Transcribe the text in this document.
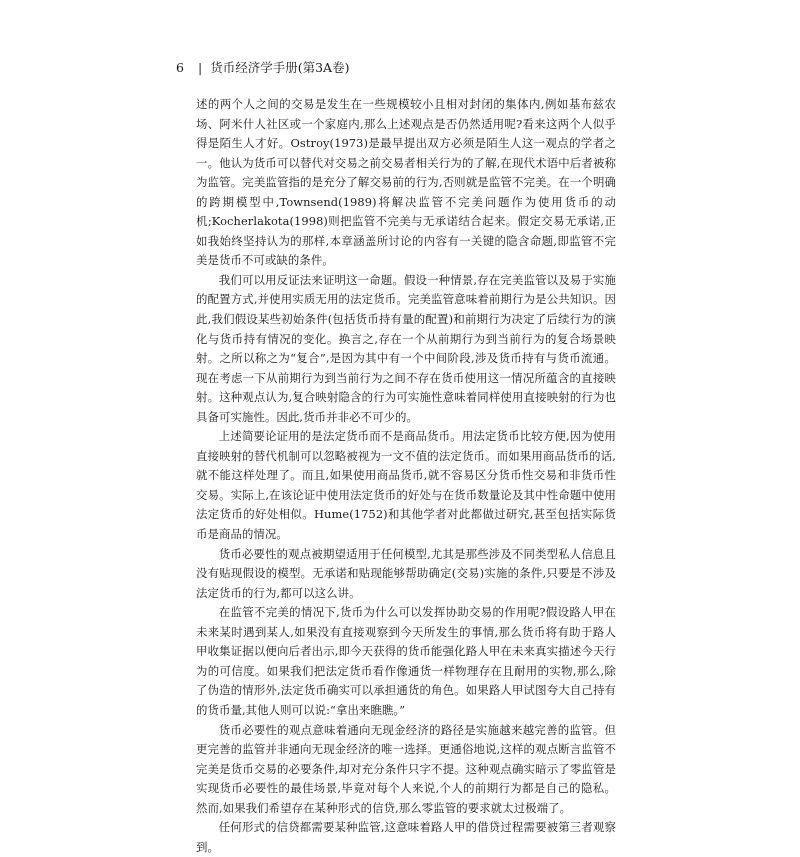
6 | 货币经济学手册(第3A卷)

述的两个人之间的交易是发生在一些规模较小且相对封闭的集体内,例如基布兹农场、阿米什人社区或一个家庭内,那么上述观点是否仍然适用呢?看来这两个人似乎得是陌生人才好。Ostroy(1973)是最早提出双方必须是陌生人这一观点的学者之一。他认为货币可以替代对交易之前交易者相关行为的了解,在现代术语中后者被称为监管。完美监管指的是充分了解交易前的行为,否则就是监管不完美。在一个明确的跨期模型中,Townsend(1989)将解决监管不完美问题作为使用货币的动机;Kocherlakota(1998)则把监管不完美与无承诺结合起来。假定交易无承诺,正如我始终坚持认为的那样,本章涵盖所讨论的内容有一关键的隐含命题,即监管不完美是货币不可或缺的条件。

我们可以用反证法来证明这一命题。假设一种情景,存在完美监管以及易于实施的配置方式,并使用实质无用的法定货币。完美监管意味着前期行为是公共知识。因此,我们假设某些初始条件(包括货币持有量的配置)和前期行为决定了后续行为的演化与货币持有情况的变化。换言之,存在一个从前期行为到当前行为的复合场景映射。之所以称之为“复合”,是因为其中有一个中间阶段,涉及货币持有与货币流通。现在考虑一下从前期行为到当前行为之间不存在货币使用这一情况所蕴含的直接映射。这种观点认为,复合映射隐含的行为可实施性意味着同样使用直接映射的行为也具备可实施性。因此,货币并非必不可少的。

上述简要论证用的是法定货币而不是商品货币。用法定货币比较方便,因为使用直接映射的替代机制可以忽略被视为一文不值的法定货币。而如果用商品货币的话,就不能这样处理了。而且,如果使用商品货币,就不容易区分货币性交易和非货币性交易。实际上,在该论证中使用法定货币的好处与在货币数量论及其中性命题中使用法定货币的好处相似。Hume(1752)和其他学者对此都做过研究,甚至包括实际货币是商品的情况。

货币必要性的观点被期望适用于任何模型,尤其是那些涉及不同类型私人信息且没有贴现假设的模型。无承诺和贴现能够帮助确定(交易)实施的条件,只要是不涉及法定货币的行为,都可以这么讲。

在监管不完美的情况下,货币为什么可以发挥协助交易的作用呢?假设路人甲在未来某时遇到某人,如果没有直接观察到今天所发生的事情,那么货币将有助于路人甲收集证据以便向后者出示,即今天获得的货币能强化路人甲在未来真实描述今天行为的可信度。如果我们把法定货币看作像通货一样物理存在且耐用的实物,那么,除了伪造的情形外,法定货币确实可以承担通货的角色。如果路人甲试图夸大自己持有的货币量,其他人则可以说:“拿出来瞧瞧。”

货币必要性的观点意味着通向无现金经济的路径是实施越来越完善的监管。但更完善的监管并非通向无现金经济的唯一选择。更通俗地说,这样的观点断言监管不完美是货币交易的必要条件,却对充分条件只字不提。这种观点确实暗示了零监管是实现货币必要性的最佳场景,毕竟对每个人来说,个人的前期行为都是自己的隐私。然而,如果我们希望存在某种形式的信贷,那么零监管的要求就太过极端了。

任何形式的信贷都需要某种监管,这意味着路人甲的借贷过程需要被第三者观察到。
